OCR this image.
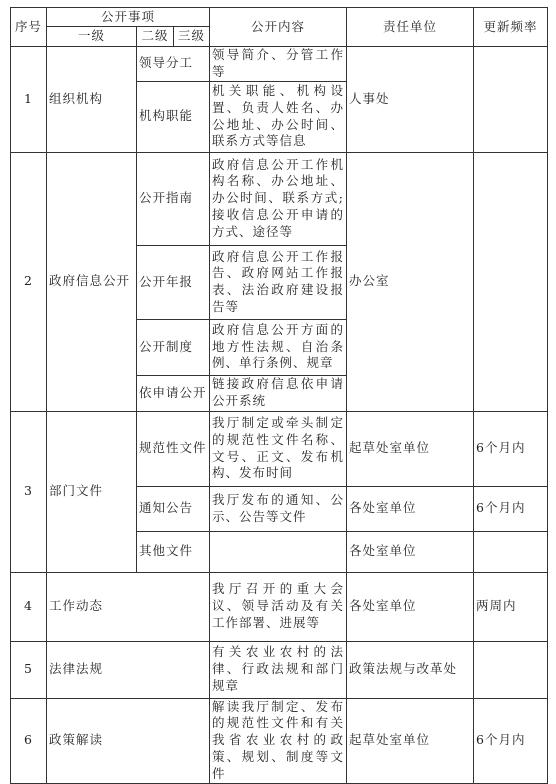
序号	公开事项			公开内容	责任单位	更新频率
	一级	二级	三级			
1	组织机构	领导分工		领导简介、分管工作等	人事处	
		机构职能		机关职能、机构设置、负责人姓名、办公地址、办公时间、联系方式等信息		
2	政府信息公开	公开指南		政府信息公开工作机构名称、办公地址、办公时间、联系方式;接收信息公开申请的方式、途径等	办公室	
		公开年报		政府信息公开工作报告、政府网站工作报表、法治政府建设报告等		
		公开制度		政府信息公开方面的地方性法规、自治条例、单行条例、规章		
		依申请公开		链接政府信息依申请公开系统		
3	部门文件	规范性文件		我厅制定或牵头制定的规范性文件名称、文号、正文、发布机构、发布时间	起草处室单位	6个月内
		通知公告		我厅发布的通知、公示、公告等文件	各处室单位	6个月内
		其他文件			各处室单位	
4	工作动态			我厅召开的重大会议、领导活动及有关工作部署、进展等	各处室单位	两周内
5	法律法规			有关农业农村的法律、行政法规和部门规章	政策法规与改革处	
6	政策解读			解读我厅制定、发布的规范性文件和有关我省农业农村的政策、规划、制度等文件	起草处室单位	6个月内
